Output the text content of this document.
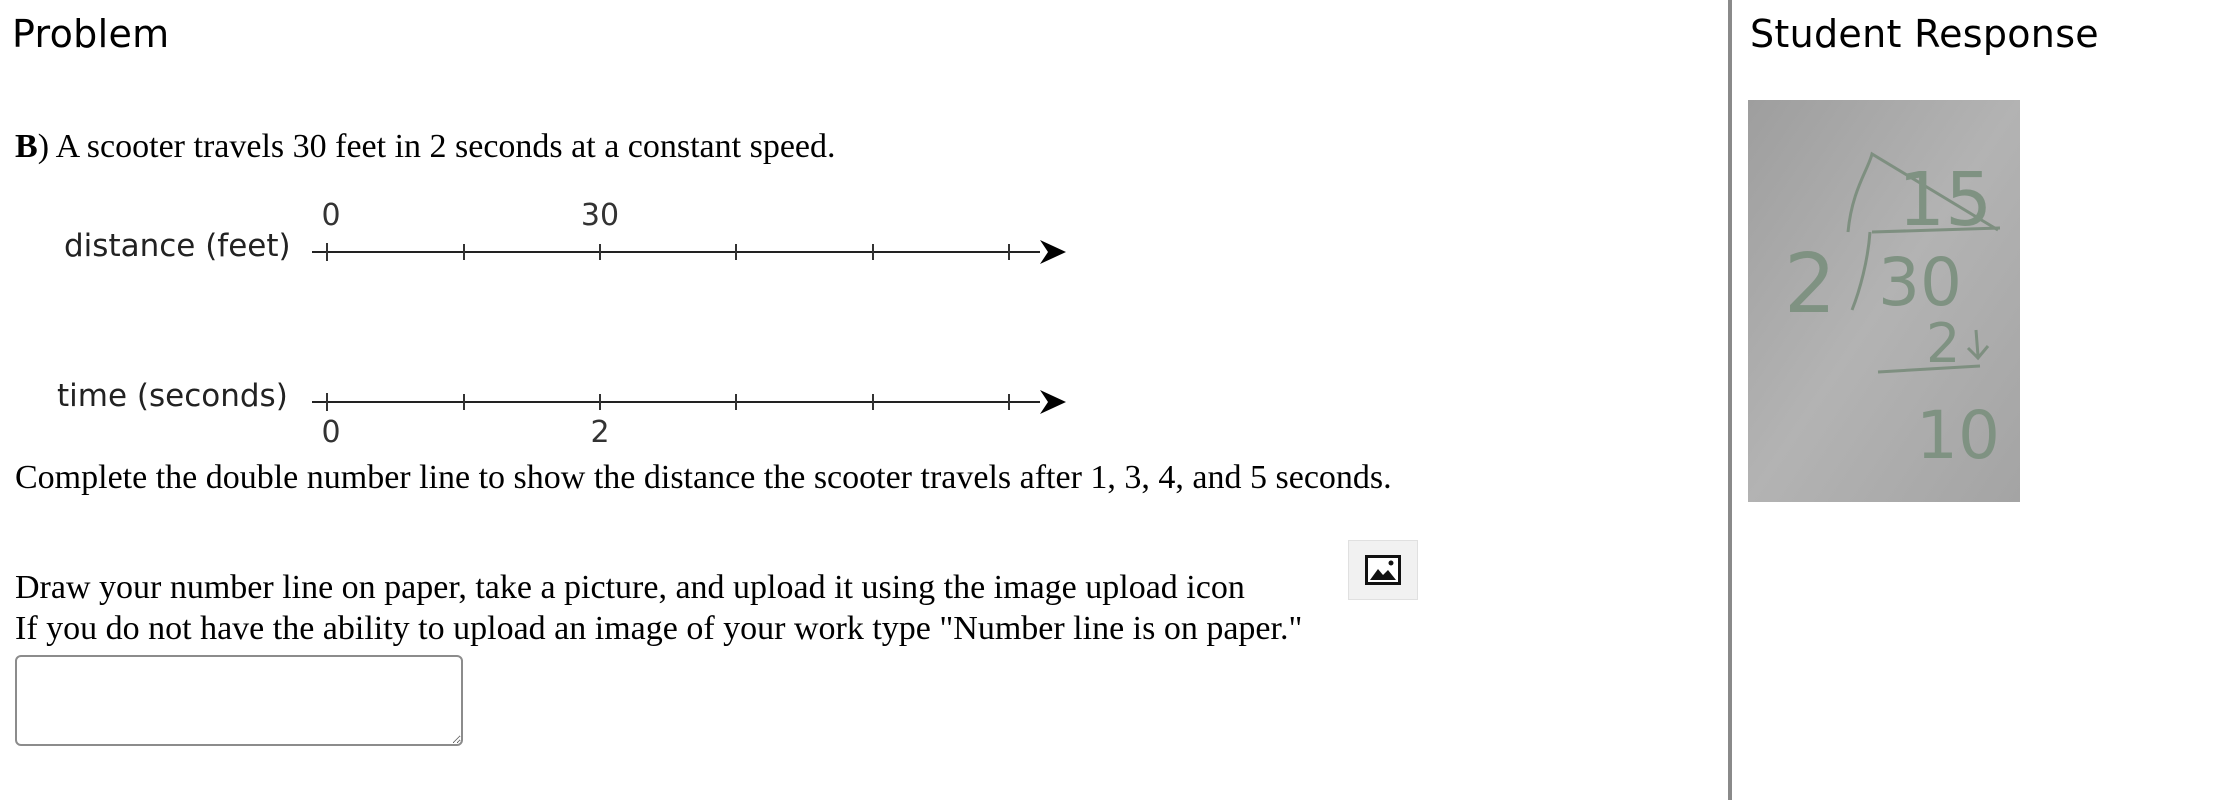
Problem
B) A scooter travels 30 feet in 2 seconds at a constant speed.
distance (feet)
time (seconds)
0	30
0	2
Complete the double number line to show the distance the scooter travels after 1, 3, 4, and 5 seconds.
Draw your number line on paper, take a picture, and upload it using the image upload icon
If you do not have the ability to upload an image of your work type "Number line is on paper."
Student Response
15
2 30
2
10
